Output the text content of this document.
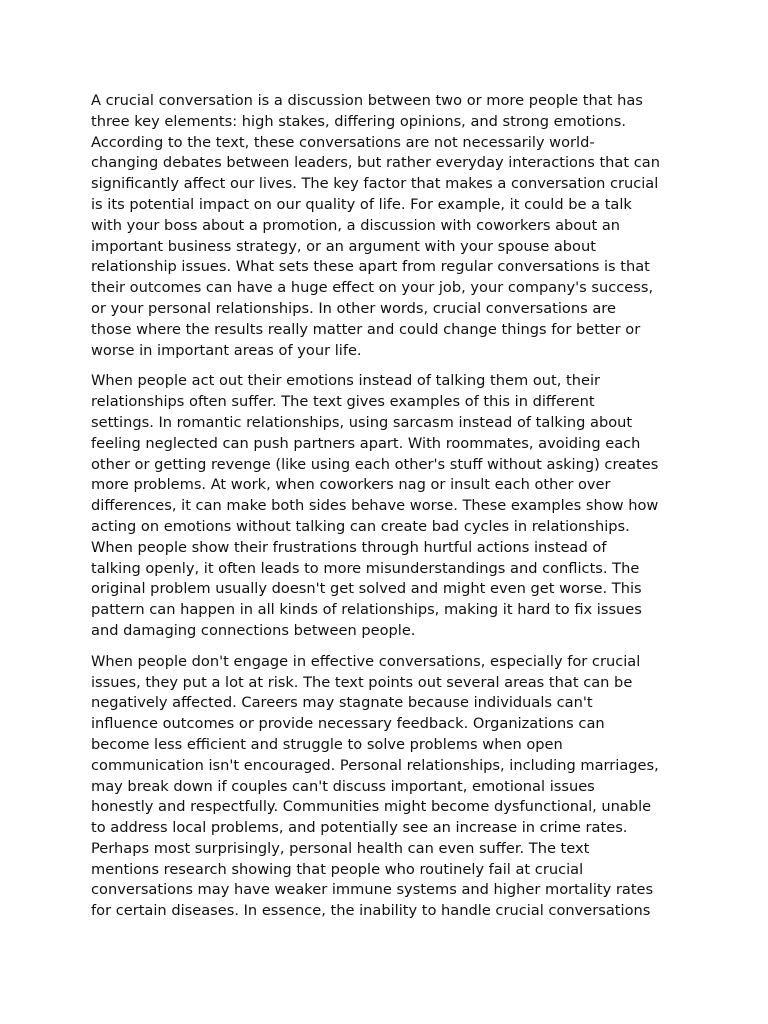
A crucial conversation is a discussion between two or more people that has
three key elements: high stakes, differing opinions, and strong emotions.
According to the text, these conversations are not necessarily world-
changing debates between leaders, but rather everyday interactions that can
significantly affect our lives. The key factor that makes a conversation crucial
is its potential impact on our quality of life. For example, it could be a talk
with your boss about a promotion, a discussion with coworkers about an
important business strategy, or an argument with your spouse about
relationship issues. What sets these apart from regular conversations is that
their outcomes can have a huge effect on your job, your company's success,
or your personal relationships. In other words, crucial conversations are
those where the results really matter and could change things for better or
worse in important areas of your life.
When people act out their emotions instead of talking them out, their
relationships often suffer. The text gives examples of this in different
settings. In romantic relationships, using sarcasm instead of talking about
feeling neglected can push partners apart. With roommates, avoiding each
other or getting revenge (like using each other's stuff without asking) creates
more problems. At work, when coworkers nag or insult each other over
differences, it can make both sides behave worse. These examples show how
acting on emotions without talking can create bad cycles in relationships.
When people show their frustrations through hurtful actions instead of
talking openly, it often leads to more misunderstandings and conflicts. The
original problem usually doesn't get solved and might even get worse. This
pattern can happen in all kinds of relationships, making it hard to fix issues
and damaging connections between people.
When people don't engage in effective conversations, especially for crucial
issues, they put a lot at risk. The text points out several areas that can be
negatively affected. Careers may stagnate because individuals can't
influence outcomes or provide necessary feedback. Organizations can
become less efficient and struggle to solve problems when open
communication isn't encouraged. Personal relationships, including marriages,
may break down if couples can't discuss important, emotional issues
honestly and respectfully. Communities might become dysfunctional, unable
to address local problems, and potentially see an increase in crime rates.
Perhaps most surprisingly, personal health can even suffer. The text
mentions research showing that people who routinely fail at crucial
conversations may have weaker immune systems and higher mortality rates
for certain diseases. In essence, the inability to handle crucial conversations
